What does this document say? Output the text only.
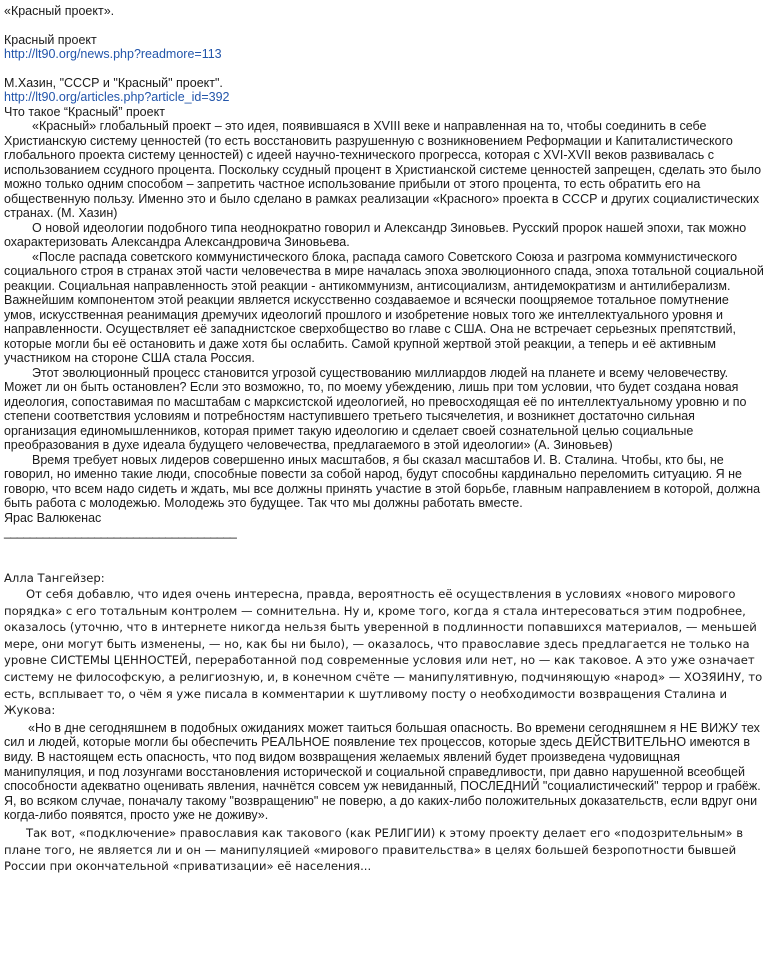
«Красный проект».

Красный проект

http://lt90.org/news.php?readmore=113

М.Хазин, "СССР и "Красный" проект".

http://lt90.org/articles.php?article_id=392

Что такое “Красный” проект

«Красный» глобальный проект – это идея, появившаяся в XVIII веке и направленная на то, чтобы соединить в себе Христианскую систему ценностей (то есть восстановить разрушенную с возникновением Реформации и Капиталистического глобального проекта систему ценностей) с идеей научно-технического прогресса, которая с XVI-XVII веков развивалась с использованием ссудного процента. Поскольку ссудный процент в Христианской системе ценностей запрещен, сделать это было можно только одним способом – запретить частное использование прибыли от этого процента, то есть обратить его на общественную пользу. Именно это и было сделано в рамках реализации «Красного» проекта в СССР и других социалистических странах. (М. Хазин)

О новой идеологии подобного типа неоднократно говорил и Александр Зиновьев. Русский пророк нашей эпохи, так можно охарактеризовать Александра Александровича Зиновьева.

«После распада советского коммунистического блока, распада самого Советского Союза и разгрома коммунистического социального строя в странах этой части человечества в мире началась эпоха эволюционного спада, эпоха тотальной социальной реакции. Социальная направленность этой реакции - антикоммунизм, антисоциализм, антидемократизм и антилиберализм. Важнейшим компонентом этой реакции является искусственно создаваемое и всячески поощряемое тотальное помутнение умов, искусственная реанимация дремучих идеологий прошлого и изобретение новых того же интеллектуального уровня и направленности. Осуществляет её западнистское сверхобщество во главе с США. Она не встречает серьезных препятствий, которые могли бы её остановить и даже хотя бы ослабить. Самой крупной жертвой этой реакции, а теперь и её активным участником на стороне США стала Россия.

Этот эволюционный процесс становится угрозой существованию миллиардов людей на планете и всему человечеству. Может ли он быть остановлен? Если это возможно, то, по моему убеждению, лишь при том условии, что будет создана новая идеология, сопоставимая по масштабам с марксистской идеологией, но превосходящая её по интеллектуальному уровню и по степени соответствия условиям и потребностям наступившего третьего тысячелетия, и возникнет достаточно сильная организация единомышленников, которая примет такую идеологию и сделает своей сознательной целью социальные преобразования в духе идеала будущего человечества, предлагаемого в этой идеологии» (А. Зиновьев)

Время требует новых лидеров совершенно иных масштабов, я бы сказал масштабов И. В. Сталина. Чтобы, кто бы, не говорил, но именно такие люди, способные повести за собой народ, будут способны кардинально переломить ситуацию. Я не говорю, что всем надо сидеть и ждать, мы все должны принять участие в этой борьбе, главным направлением в которой, должна быть работа с молодежью. Молодежь это будущее. Так что мы должны работать вместе.

Ярас Валюкенас

____________________________________

Алла Тангейзер:

От себя добавлю, что идея очень интересна, правда, вероятность её осуществления в условиях «нового мирового порядка» с его тотальным контролем — сомнительна. Ну и, кроме того, когда я стала интересоваться этим подробнее, оказалось (уточню, что в интернете никогда нельзя быть уверенной в подлинности попавшихся материалов, — меньшей мере, они могут быть изменены, — но, как бы ни было), — оказалось, что православие здесь предлагается не только на уровне СИСТЕМЫ ЦЕННОСТЕЙ, переработанной под современные условия или нет, но — как таковое. А это уже означает систему не философскую, а религиозную, и, в конечном счёте — манипулятивную, подчиняющую «народ» — ХОЗЯИНУ, то есть, всплывает то, о чём я уже писала в комментарии к шутливому посту о необходимости возвращения Сталина и Жукова:

«Но в дне сегодняшнем в подобных ожиданиях может таиться большая опасность. Во времени сегодняшнем я НЕ ВИЖУ тех сил и людей, которые могли бы обеспечить РЕАЛЬНОЕ появление тех процессов, которые здесь ДЕЙСТВИТЕЛЬНО имеются в виду. В настоящем есть опасность, что под видом возвращения желаемых явлений будет произведена чудовищная манипуляция, и под лозунгами восстановления исторической и социальной справедливости, при давно нарушенной всеобщей способности адекватно оценивать явления, начнётся совсем уж невиданный, ПОСЛЕДНИЙ "социалистический" террор и грабёж. Я, во всяком случае, поначалу такому "возвращению" не поверю, а до каких-либо положительных доказательств, если вдруг они когда-либо появятся, просто уже не доживу».

Так вот, «подключение» православия как такового (как РЕЛИГИИ) к этому проекту делает его «подозрительным» в плане того, не является ли и он — манипуляцией «мирового правительства» в целях большей безропотности бывшей России при окончательной «приватизации» её населения...
